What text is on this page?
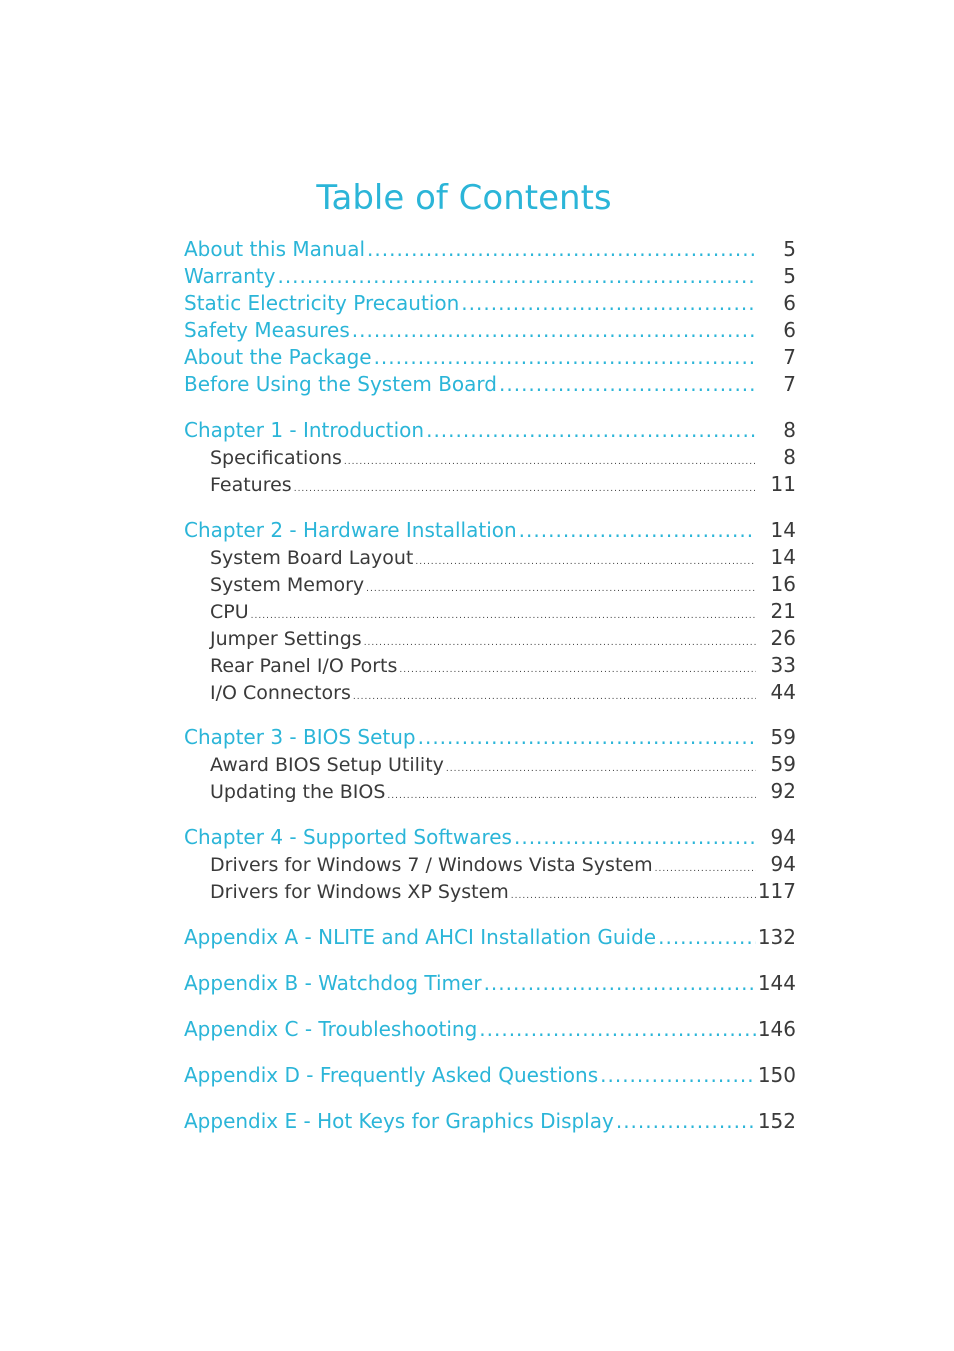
Table of Contents
About this Manual .....	5
Warranty .....	5
Static Electricity Precaution .....	6
Safety Measures .....	6
About the Package .....	7
Before Using the System Board .....	7
Chapter 1 - Introduction .....	8
Specifications .....	8
Features .....	11
Chapter 2 - Hardware Installation .....	14
System Board Layout .....	14
System Memory .....	16
CPU .....	21
Jumper Settings .....	26
Rear Panel I/O Ports .....	33
I/O Connectors .....	44
Chapter 3 - BIOS Setup .....	59
Award BIOS Setup Utility .....	59
Updating the BIOS .....	92
Chapter 4 - Supported Softwares .....	94
Drivers for Windows 7 / Windows Vista System .....	94
Drivers for Windows XP System .....	117
Appendix A - NLITE and AHCI Installation Guide .....	132
Appendix B - Watchdog Timer .....	144
Appendix C - Troubleshooting .....	146
Appendix D - Frequently Asked Questions .....	150
Appendix E - Hot Keys for Graphics Display .....	152
